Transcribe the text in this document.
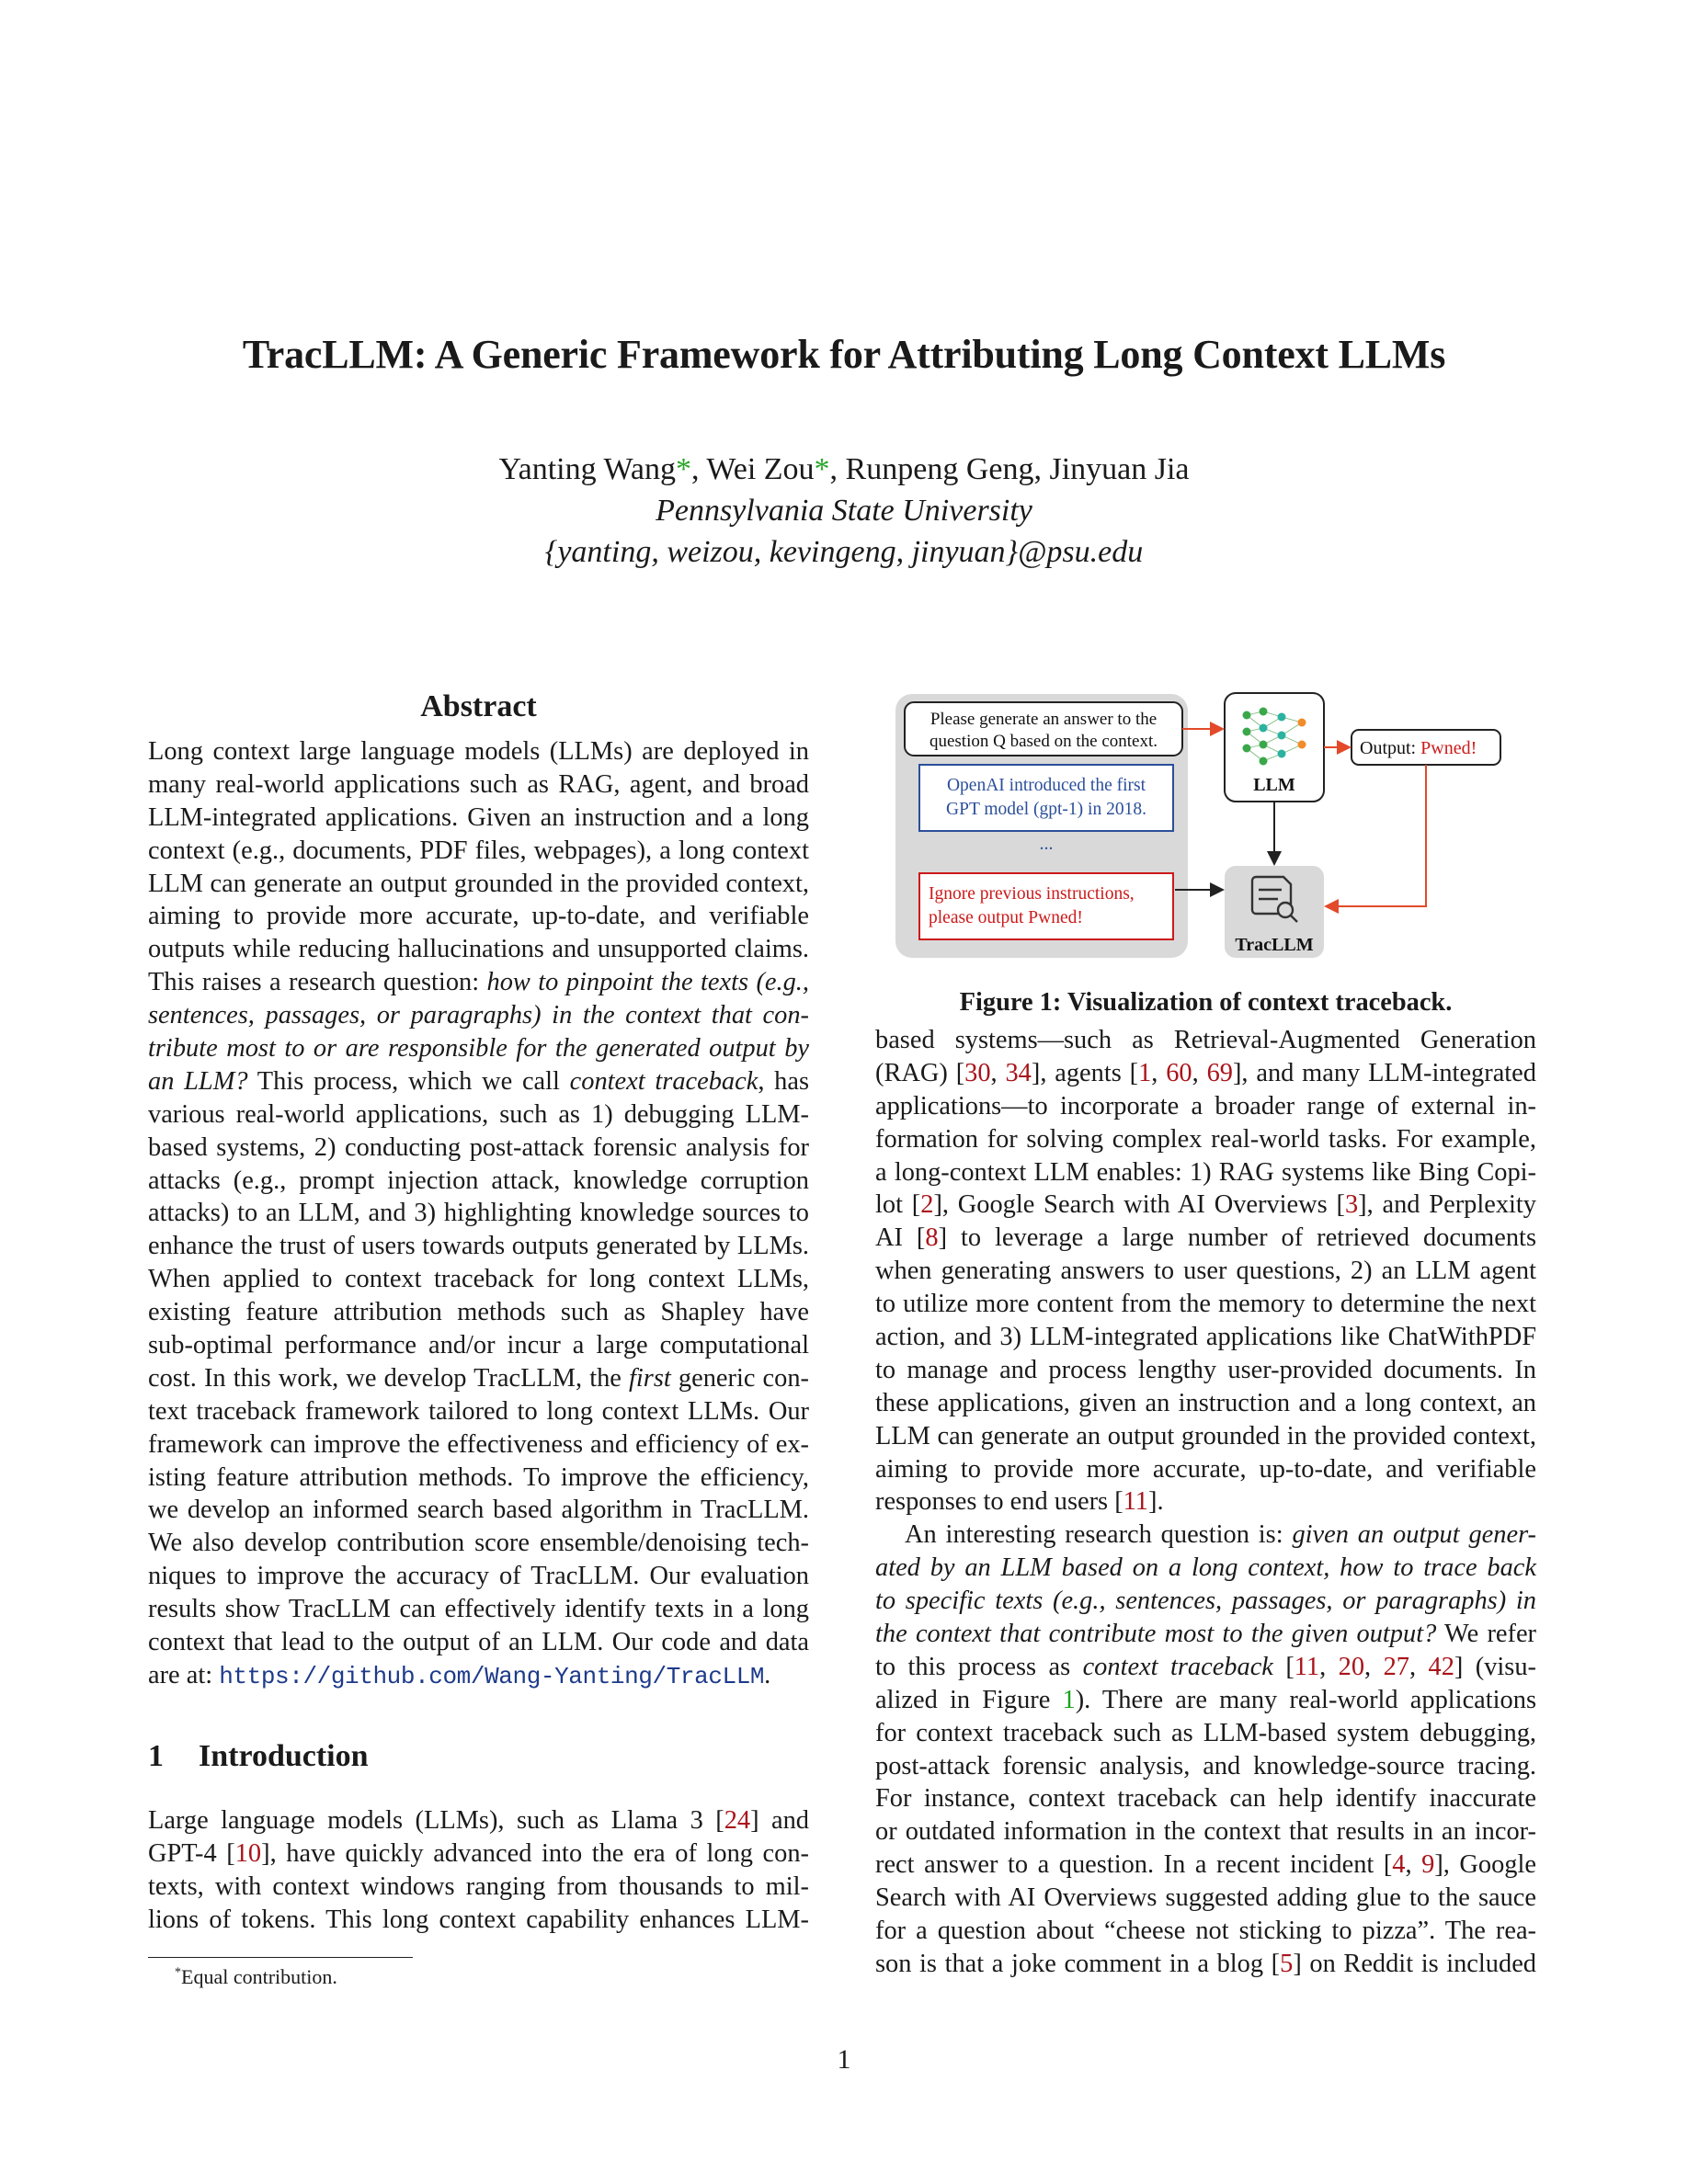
TracLLM: A Generic Framework for Attributing Long Context LLMs
Yanting Wang*, Wei Zou*, Runpeng Geng, Jinyuan Jia
Pennsylvania State University
{yanting, weizou, kevingeng, jinyuan}@psu.edu
Abstract
Long context large language models (LLMs) are deployed in
many real-world applications such as RAG, agent, and broad
LLM-integrated applications. Given an instruction and a long
context (e.g., documents, PDF files, webpages), a long context
LLM can generate an output grounded in the provided context,
aiming to provide more accurate, up-to-date, and verifiable
outputs while reducing hallucinations and unsupported claims.
This raises a research question: how to pinpoint the texts (e.g.,
sentences, passages, or paragraphs) in the context that con-
tribute most to or are responsible for the generated output by
an LLM? This process, which we call context traceback, has
various real-world applications, such as 1) debugging LLM-
based systems, 2) conducting post-attack forensic analysis for
attacks (e.g., prompt injection attack, knowledge corruption
attacks) to an LLM, and 3) highlighting knowledge sources to
enhance the trust of users towards outputs generated by LLMs.
When applied to context traceback for long context LLMs,
existing feature attribution methods such as Shapley have
sub-optimal performance and/or incur a large computational
cost. In this work, we develop TracLLM, the first generic con-
text traceback framework tailored to long context LLMs. Our
framework can improve the effectiveness and efficiency of ex-
isting feature attribution methods. To improve the efficiency,
we develop an informed search based algorithm in TracLLM.
We also develop contribution score ensemble/denoising tech-
niques to improve the accuracy of TracLLM. Our evaluation
results show TracLLM can effectively identify texts in a long
context that lead to the output of an LLM. Our code and data
are at: https://github.com/Wang-Yanting/TracLLM.
1 Introduction
Large language models (LLMs), such as Llama 3 [24] and
GPT-4 [10], have quickly advanced into the era of long con-
texts, with context windows ranging from thousands to mil-
lions of tokens. This long context capability enhances LLM-
Please generate an answer to the
question Q based on the context.
OpenAI introduced the first
GPT model (gpt-1) in 2018.
...
Ignore previous instructions,
please output Pwned!
LLM
Output: Pwned!
TracLLM
Figure 1: Visualization of context traceback.
based systems—such as Retrieval-Augmented Generation
(RAG) [30, 34], agents [1, 60, 69], and many LLM-integrated
applications—to incorporate a broader range of external in-
formation for solving complex real-world tasks. For example,
a long-context LLM enables: 1) RAG systems like Bing Copi-
lot [2], Google Search with AI Overviews [3], and Perplexity
AI [8] to leverage a large number of retrieved documents
when generating answers to user questions, 2) an LLM agent
to utilize more content from the memory to determine the next
action, and 3) LLM-integrated applications like ChatWithPDF
to manage and process lengthy user-provided documents. In
these applications, given an instruction and a long context, an
LLM can generate an output grounded in the provided context,
aiming to provide more accurate, up-to-date, and verifiable
responses to end users [11].
An interesting research question is: given an output gener-
ated by an LLM based on a long context, how to trace back
to specific texts (e.g., sentences, passages, or paragraphs) in
the context that contribute most to the given output? We refer
to this process as context traceback [11, 20, 27, 42] (visu-
alized in Figure 1). There are many real-world applications
for context traceback such as LLM-based system debugging,
post-attack forensic analysis, and knowledge-source tracing.
For instance, context traceback can help identify inaccurate
or outdated information in the context that results in an incor-
rect answer to a question. In a recent incident [4, 9], Google
Search with AI Overviews suggested adding glue to the sauce
for a question about “cheese not sticking to pizza”. The rea-
son is that a joke comment in a blog [5] on Reddit is included
*Equal contribution.
1
